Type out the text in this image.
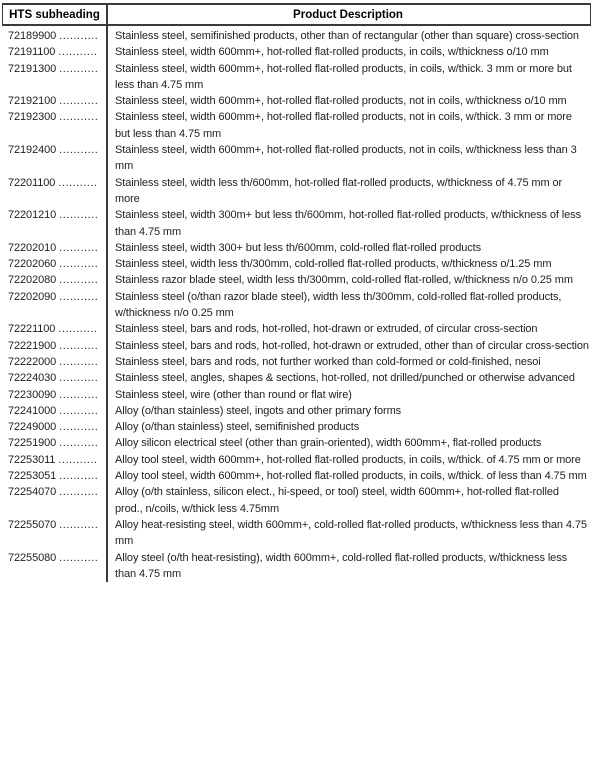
HTS subheading	Product Description
72189900 ...........	Stainless steel, semifinished products, other than of rectangular (other than square) cross-section
72191100 ...........	Stainless steel, width 600mm+, hot-rolled flat-rolled products, in coils, w/thickness o/10 mm
72191300 ...........	Stainless steel, width 600mm+, hot-rolled flat-rolled products, in coils, w/thick. 3 mm or more but less than 4.75 mm
72192100 ...........	Stainless steel, width 600mm+, hot-rolled flat-rolled products, not in coils, w/thickness o/10 mm
72192300 ...........	Stainless steel, width 600mm+, hot-rolled flat-rolled products, not in coils, w/thick. 3 mm or more but less than 4.75 mm
72192400 ...........	Stainless steel, width 600mm+, hot-rolled flat-rolled products, not in coils, w/thickness less than 3 mm
72201100 ...........	Stainless steel, width less th/600mm, hot-rolled flat-rolled products, w/thickness of 4.75 mm or more
72201210 ...........	Stainless steel, width 300m+ but less th/600mm, hot-rolled flat-rolled products, w/thickness of less than 4.75 mm
72202010 ...........	Stainless steel, width 300+ but less th/600mm, cold-rolled flat-rolled products
72202060 ...........	Stainless steel, width less th/300mm, cold-rolled flat-rolled products, w/thickness o/1.25 mm
72202080 ...........	Stainless razor blade steel, width less th/300mm, cold-rolled flat-rolled, w/thickness n/o 0.25 mm
72202090 ...........	Stainless steel (o/than razor blade steel), width less th/300mm, cold-rolled flat-rolled products, w/thickness n/o 0.25 mm
72221100 ...........	Stainless steel, bars and rods, hot-rolled, hot-drawn or extruded, of circular cross-section
72221900 ...........	Stainless steel, bars and rods, hot-rolled, hot-drawn or extruded, other than of circular cross-section
72222000 ...........	Stainless steel, bars and rods, not further worked than cold-formed or cold-finished, nesoi
72224030 ...........	Stainless steel, angles, shapes & sections, hot-rolled, not drilled/punched or otherwise advanced
72230090 ...........	Stainless steel, wire (other than round or flat wire)
72241000 ...........	Alloy (o/than stainless) steel, ingots and other primary forms
72249000 ...........	Alloy (o/than stainless) steel, semifinished products
72251900 ...........	Alloy silicon electrical steel (other than grain-oriented), width 600mm+, flat-rolled products
72253011 ...........	Alloy tool steel, width 600mm+, hot-rolled flat-rolled products, in coils, w/thick. of 4.75 mm or more
72253051 ...........	Alloy tool steel, width 600mm+, hot-rolled flat-rolled products, in coils, w/thick. of less than 4.75 mm
72254070 ...........	Alloy (o/th stainless, silicon elect., hi-speed, or tool) steel, width 600mm+, hot-rolled flat-rolled prod., n/coils, w/thick less 4.75mm
72255070 ...........	Alloy heat-resisting steel, width 600mm+, cold-rolled flat-rolled products, w/thickness less than 4.75 mm
72255080 ...........	Alloy steel (o/th heat-resisting), width 600mm+, cold-rolled flat-rolled products, w/thickness less than 4.75 mm
